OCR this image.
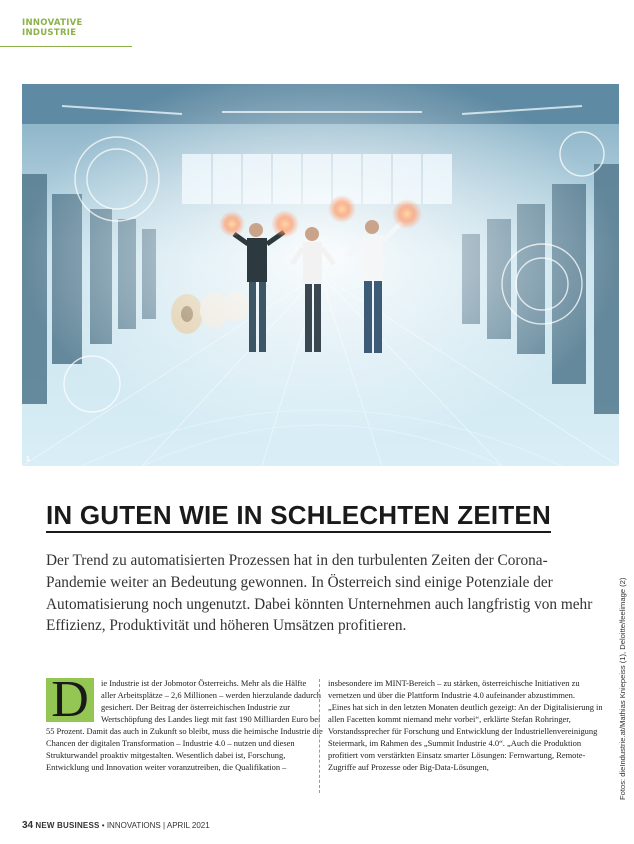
INNOVATIVE INDUSTRIE
1
IN GUTEN WIE IN SCHLECHTEN ZEITEN

Der Trend zu automatisierten Prozessen hat in den turbulenten Zeiten der Corona-Pandemie weiter an Bedeutung gewonnen. In Österreich sind einige Potenziale der Automatisierung noch ungenutzt. Dabei könnten Unternehmen auch langfristig von mehr Effizienz, Produktivität und höheren Umsätzen profitieren.	Fotos: dieIndustrie.at/Mathias Kniepeiss (1), Deloitte/feelimage (2)

D	ie Industrie ist der Jobmotor Österreichs. Mehr als die Hälfte aller Arbeitsplätze – 2,6 Millionen – werden hierzulande dadurch gesichert. Der Beitrag der österreichischen Industrie zur Wertschöpfung des Landes liegt mit fast 190 Milliarden Euro bei 55 Prozent. Damit das auch in Zukunft so bleibt, muss die heimische Industrie die Chancen der digitalen Transformation – Industrie 4.0 – nutzen und diesen Strukturwandel proaktiv mitgestalten. Wesentlich dabei ist, Forschung, Entwicklung und Innovation weiter voranzutreiben, die Qualifikation –

insbesondere im MINT-Bereich – zu stärken, österreichische Initiativen zu vernetzen und über die Plattform Industrie 4.0 aufeinander abzustimmen.

„Eines hat sich in den letzten Monaten deutlich gezeigt: An der Digitalisierung in allen Facetten kommt niemand mehr vorbei“, erklärte Stefan Rohringer, Vorstandssprecher für Forschung und Entwicklung der Industriellenvereinigung Steiermark, im Rahmen des „Summit Industrie 4.0“. „Auch die Produktion profitiert vom verstärkten Einsatz smarter Lösungen: Fernwartung, Remote-Zugriffe auf Prozesse oder Big-Data-Lösungen,

34 NEW BUSINESS • INNOVATIONS | APRIL 2021
